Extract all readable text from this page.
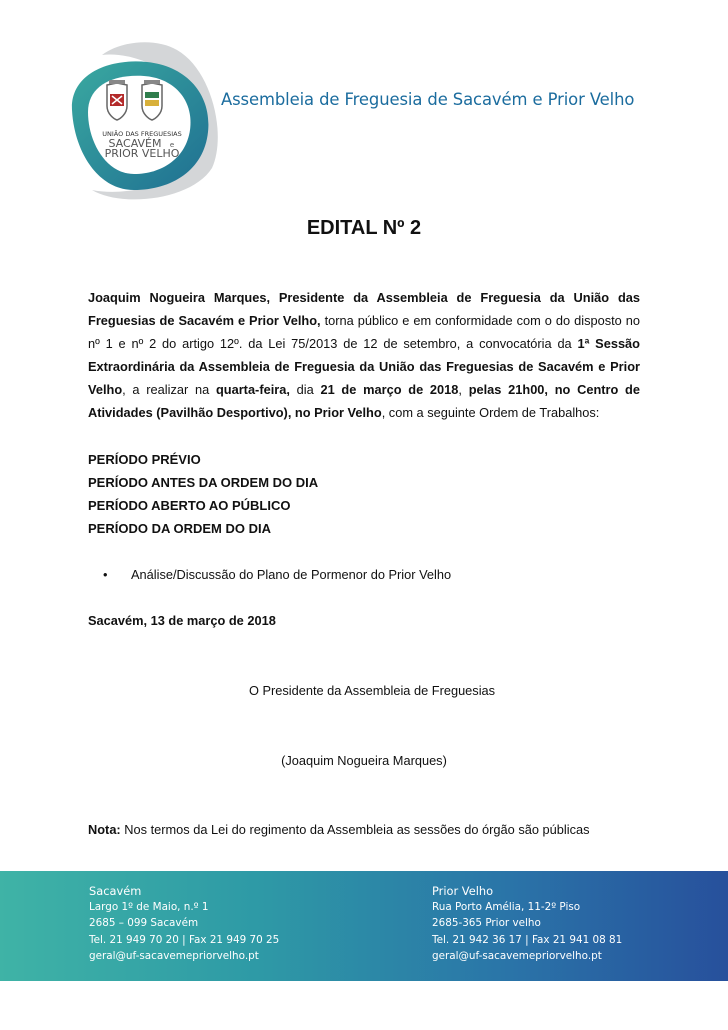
UNIÃO DAS FREGUESIAS
SACAVÉM e
PRIOR VELHO
Assembleia de Freguesia de Sacavém e Prior Velho
EDITAL Nº 2
Joaquim Nogueira Marques, Presidente da Assembleia de Freguesia da União das Freguesias de Sacavém e Prior Velho, torna público e em conformidade com o do disposto no nº 1 e nº 2 do artigo 12º. da Lei 75/2013 de 12 de setembro, a convocatória da 1ª Sessão Extraordinária da Assembleia de Freguesia da União das Freguesias de Sacavém e Prior Velho, a realizar na quarta-feira, dia 21 de março de 2018, pelas 21h00, no Centro de Atividades (Pavilhão Desportivo), no Prior Velho, com a seguinte Ordem de Trabalhos:
PERÍODO PRÉVIO
PERÍODO ANTES DA ORDEM DO DIA
PERÍODO ABERTO AO PÚBLICO
PERÍODO DA ORDEM DO DIA
• Análise/Discussão do Plano de Pormenor do Prior Velho
Sacavém, 13 de março de 2018
O Presidente da Assembleia de Freguesias
(Joaquim Nogueira Marques)
Nota: Nos termos da Lei do regimento da Assembleia as sessões do órgão são públicas
Sacavém
Largo 1º de Maio, n.º 1
2685 – 099 Sacavém
Tel. 21 949 70 20 | Fax 21 949 70 25
geral@uf-sacavemepriorvelho.pt
Prior Velho
Rua Porto Amélia, 11-2º Piso
2685-365 Prior velho
Tel. 21 942 36 17 | Fax 21 941 08 81
geral@uf-sacavemepriorvelho.pt
